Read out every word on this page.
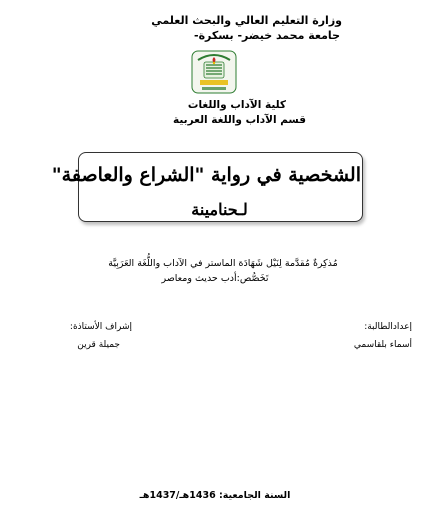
وزارة التعليم العالي والبحث العلمي
جامعة محمد خيضر- بسكرة-
كلية الآداب واللغات
قسم الآداب واللغة العربية
الشخصية في رواية "الشراع والعاصفة"
لـحنامينة
مُذكِرةٌ مُقدَّمة لِنَيْل شَهَادَة الماستر في الآداب واللُّغَة العَرَبِيَّة
تَخَصُّص:أدب حديث ومعاصر
إعدادالطالبة:
أسماء بلقاسمي
إشراف الأستاذة:
جميلة قرين
السنة الجامعية: 1436هـ/1437هـ
